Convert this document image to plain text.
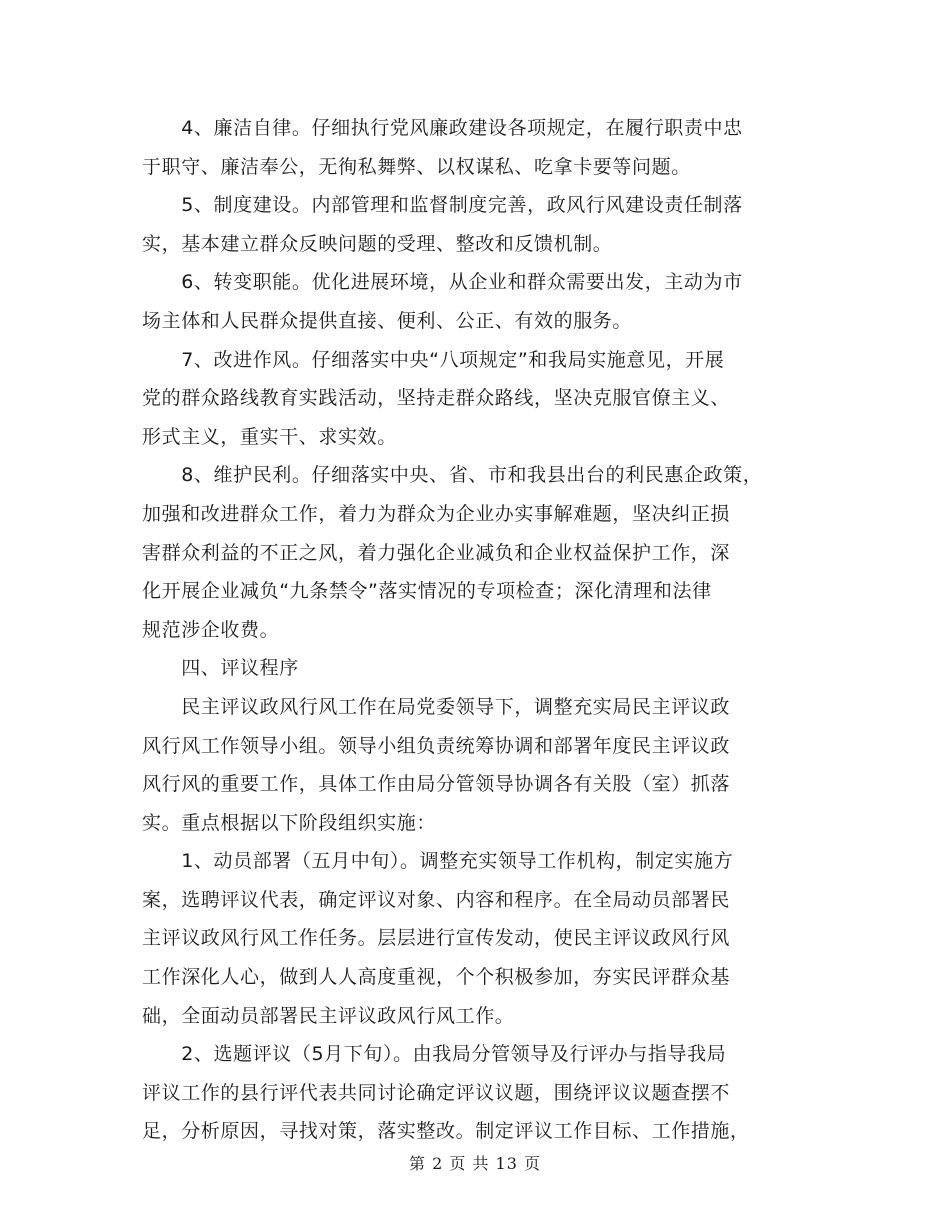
　　4、廉洁自律。仔细执行党风廉政建设各项规定，在履行职责中忠
于职守、廉洁奉公，无徇私舞弊、以权谋私、吃拿卡要等问题。
　　5、制度建设。内部管理和监督制度完善，政风行风建设责任制落
实，基本建立群众反映问题的受理、整改和反馈机制。
　　6、转变职能。优化进展环境，从企业和群众需要出发，主动为市
场主体和人民群众提供直接、便利、公正、有效的服务。
　　7、改进作风。仔细落实中央“八项规定”和我局实施意见，开展
党的群众路线教育实践活动，坚持走群众路线，坚决克服官僚主义、
形式主义，重实干、求实效。
　　8、维护民利。仔细落实中央、省、市和我县出台的利民惠企政策，
加强和改进群众工作，着力为群众为企业办实事解难题，坚决纠正损
害群众利益的不正之风，着力强化企业减负和企业权益保护工作，深
化开展企业减负“九条禁令”落实情况的专项检查；深化清理和法律
规范涉企收费。
　　四、评议程序
　　民主评议政风行风工作在局党委领导下，调整充实局民主评议政
风行风工作领导小组。领导小组负责统筹协调和部署年度民主评议政
风行风的重要工作，具体工作由局分管领导协调各有关股（室）抓落
实。重点根据以下阶段组织实施：
　　1、动员部署（五月中旬）。调整充实领导工作机构，制定实施方
案，选聘评议代表，确定评议对象、内容和程序。在全局动员部署民
主评议政风行风工作任务。层层进行宣传发动，使民主评议政风行风
工作深化人心，做到人人高度重视，个个积极参加，夯实民评群众基
础，全面动员部署民主评议政风行风工作。
　　2、选题评议（5月下旬）。由我局分管领导及行评办与指导我局
评议工作的县行评代表共同讨论确定评议议题，围绕评议议题查摆不
足，分析原因，寻找对策，落实整改。制定评议工作目标、工作措施，
第 2 页 共 13 页
